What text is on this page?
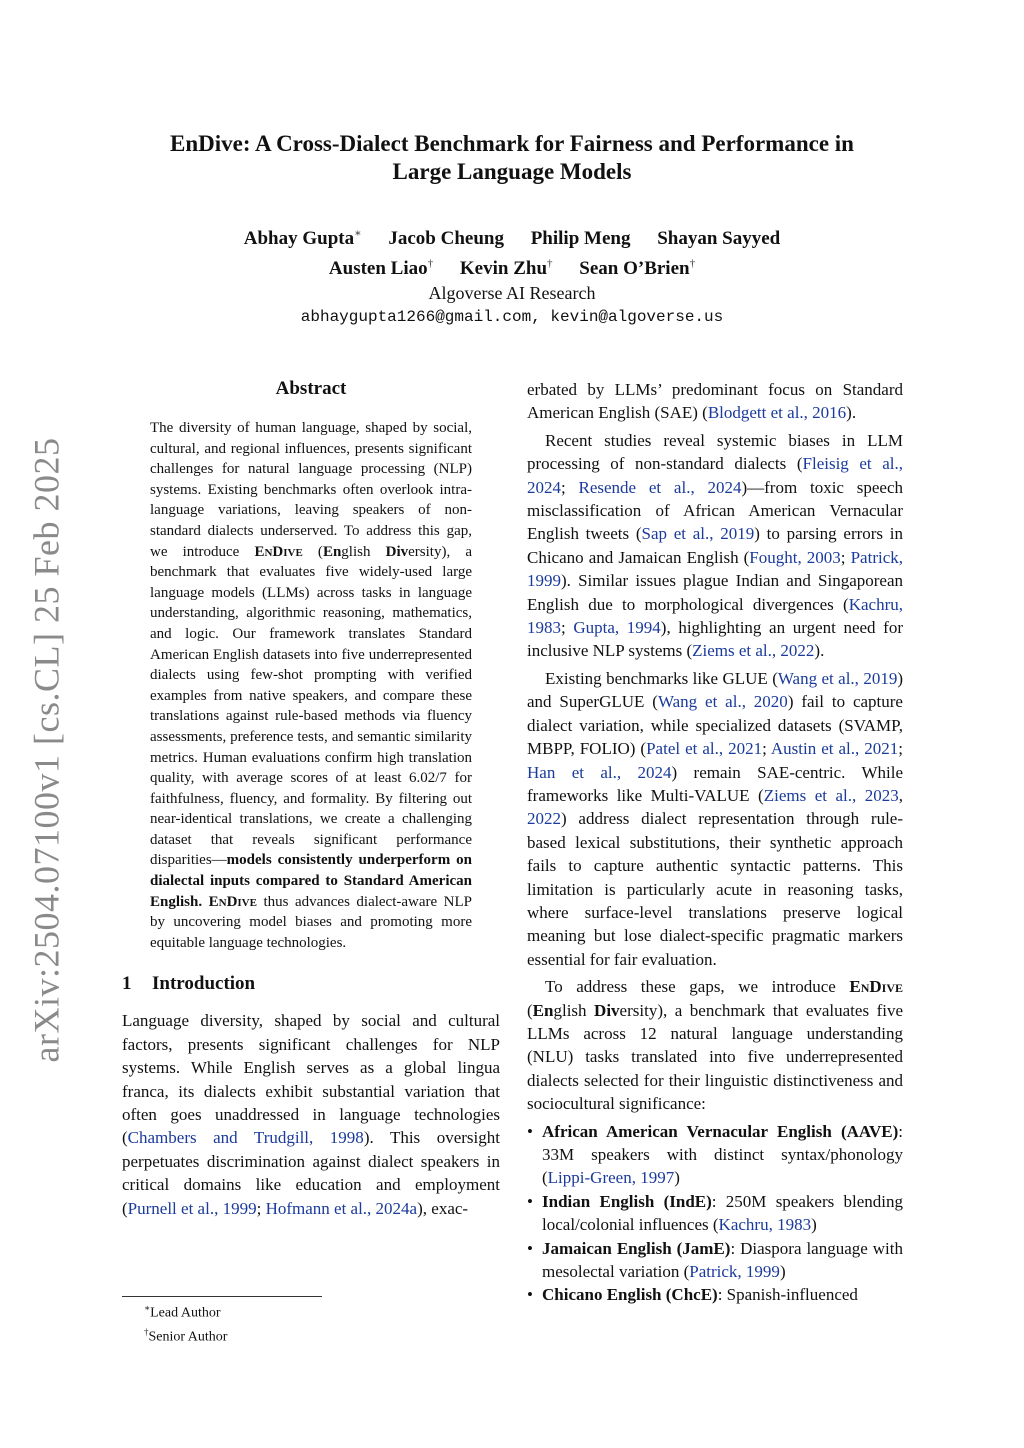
arXiv:2504.07100v1 [cs.CL] 25 Feb 2025
EnDive: A Cross-Dialect Benchmark for Fairness and Performance in
Large Language Models
Abhay Gupta∗ Jacob Cheung Philip Meng Shayan Sayyed
Austen Liao† Kevin Zhu† Sean O’Brien†
Algoverse AI Research
abhaygupta1266@gmail.com, kevin@algoverse.us
Abstract
The diversity of human language, shaped by social, cultural, and regional influences, presents significant challenges for natural language processing (NLP) systems. Existing benchmarks often overlook intra-language variations, leaving speakers of non-standard dialects underserved. To address this gap, we introduce EnDive (English Diversity), a benchmark that evaluates five widely-used large language models (LLMs) across tasks in language understanding, algorithmic reasoning, mathematics, and logic. Our framework translates Standard American English datasets into five underrepresented dialects using few-shot prompting with verified examples from native speakers, and compare these translations against rule-based methods via fluency assessments, preference tests, and semantic similarity metrics. Human evaluations confirm high translation quality, with average scores of at least 6.02/7 for faithfulness, fluency, and formality. By filtering out near-identical translations, we create a challenging dataset that reveals significant performance disparities—models consistently underperform on dialectal inputs compared to Standard American English. EnDive thus advances dialect-aware NLP by uncovering model biases and promoting more equitable language technologies.
1 Introduction

Language diversity, shaped by social and cultural factors, presents significant challenges for NLP systems. While English serves as a global lingua franca, its dialects exhibit substantial variation that often goes unaddressed in language technologies (Chambers and Trudgill, 1998). This oversight perpetuates discrimination against dialect speakers in critical domains like education and employment (Purnell et al., 1999; Hofmann et al., 2024a), exac-

∗Lead Author
†Senior Author

erbated by LLMs’ predominant focus on Standard American English (SAE) (Blodgett et al., 2016).

Recent studies reveal systemic biases in LLM processing of non-standard dialects (Fleisig et al., 2024; Resende et al., 2024)—from toxic speech misclassification of African American Vernacular English tweets (Sap et al., 2019) to parsing errors in Chicano and Jamaican English (Fought, 2003; Patrick, 1999). Similar issues plague Indian and Singaporean English due to morphological divergences (Kachru, 1983; Gupta, 1994), highlighting an urgent need for inclusive NLP systems (Ziems et al., 2022).

Existing benchmarks like GLUE (Wang et al., 2019) and SuperGLUE (Wang et al., 2020) fail to capture dialect variation, while specialized datasets (SVAMP, MBPP, FOLIO) (Patel et al., 2021; Austin et al., 2021; Han et al., 2024) remain SAE-centric. While frameworks like Multi-VALUE (Ziems et al., 2023, 2022) address dialect representation through rule-based lexical substitutions, their synthetic approach fails to capture authentic syntactic patterns. This limitation is particularly acute in reasoning tasks, where surface-level translations preserve logical meaning but lose dialect-specific pragmatic markers essential for fair evaluation.

To address these gaps, we introduce EnDive (English Diversity), a benchmark that evaluates five LLMs across 12 natural language understanding (NLU) tasks translated into five underrepresented dialects selected for their linguistic distinctiveness and sociocultural significance:

• African American Vernacular English (AAVE): 33M speakers with distinct syntax/phonology (Lippi-Green, 1997)
• Indian English (IndE): 250M speakers blending local/colonial influences (Kachru, 1983)
• Jamaican English (JamE): Diaspora language with mesolectal variation (Patrick, 1999)
• Chicano English (ChcE): Spanish-influenced
